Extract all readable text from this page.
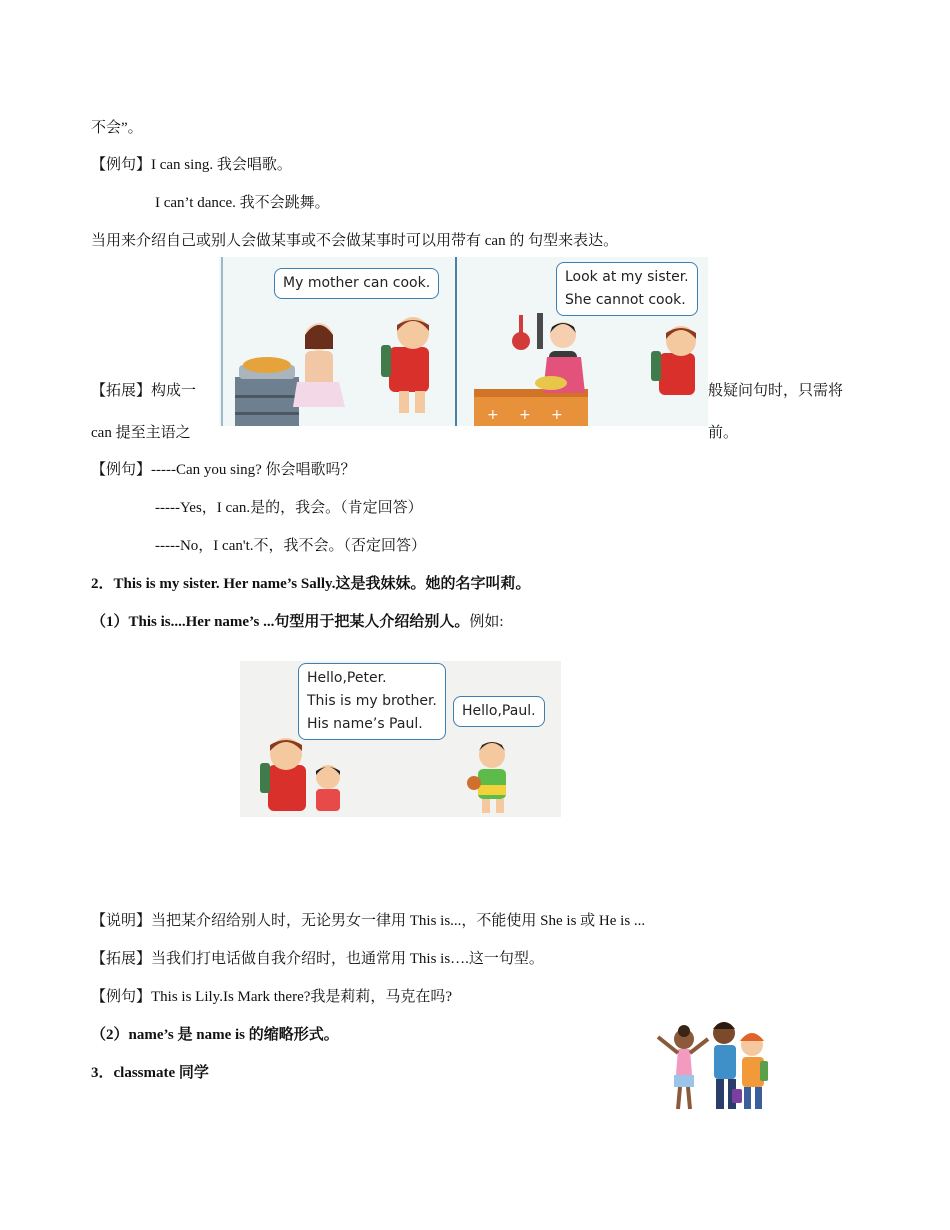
不会”。
【例句】I can sing. 我会唱歌。
I can’t dance. 我不会跳舞。
当用来介绍自己或别人会做某事或不会做某事时可以用带有 can 的 句型来表达。
【拓展】构成一	般疑问句时，只需将
can 提至主语之	前。
+ + +
My mother can cook.	Look at my sister.
She cannot cook.
【例句】-----Can you sing? 你会唱歌吗？
-----Yes，I can.是的，我会。（肯定回答）
-----No，I can't.不，我不会。（否定回答）
2．This is my sister. Her name’s Sally.这是我妹妹。她的名字叫莉。
（1）This is....Her name’s ...句型用于把某人介绍给别人。例如:
Hello,Peter.
This is my brother.
His name’s Paul.
Hello,Paul.
【说明】当把某介绍给别人时，无论男女一律用 This is...，不能使用 She is 或 He is ...
【拓展】当我们打电话做自我介绍时，也通常用 This is….这一句型。
【例句】This is Lily.Is Mark there?我是莉莉，马克在吗?
（2）name’s 是 name is 的缩略形式。
3．classmate 同学
